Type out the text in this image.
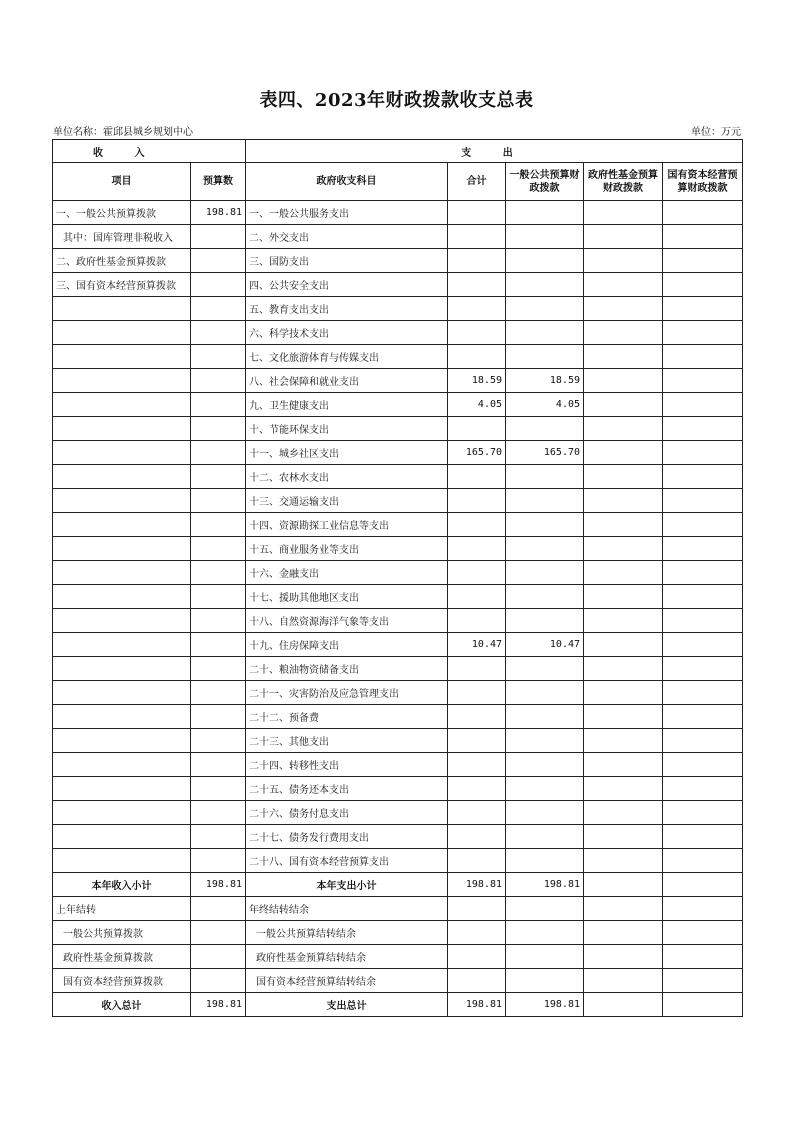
表四、2023年财政拨款收支总表
单位名称：霍邱县城乡规划中心	单位：万元
收 入		支 出				
项目	预算数	政府收支科目	合计	一般公共预算财政拨款	政府性基金预算财政拨款	国有资本经营预算财政拨款
一、一般公共预算拨款	198.81	一、一般公共服务支出				
其中：国库管理非税收入		二、外交支出				
二、政府性基金预算拨款		三、国防支出				
三、国有资本经营预算拨款		四、公共安全支出				
		五、教育支出支出				
		六、科学技术支出				
		七、文化旅游体育与传媒支出				
		八、社会保障和就业支出	18.59	18.59		
		九、卫生健康支出	4.05	4.05		
		十、节能环保支出				
		十一、城乡社区支出	165.70	165.70		
		十二、农林水支出				
		十三、交通运输支出				
		十四、资源勘探工业信息等支出				
		十五、商业服务业等支出				
		十六、金融支出				
		十七、援助其他地区支出				
		十八、自然资源海洋气象等支出				
		十九、住房保障支出	10.47	10.47		
		二十、粮油物资储备支出				
		二十一、灾害防治及应急管理支出				
		二十二、预备费				
		二十三、其他支出				
		二十四、转移性支出				
		二十五、债务还本支出				
		二十六、债务付息支出				
		二十七、债务发行费用支出				
		二十八、国有资本经营预算支出				
本年收入小计	198.81	本年支出小计	198.81	198.81		
上年结转		年终结转结余				
一般公共预算拨款		一般公共预算结转结余				
政府性基金预算拨款		政府性基金预算结转结余				
国有资本经营预算拨款		国有资本经营预算结转结余				
收入总计	198.81	支出总计	198.81	198.81		
